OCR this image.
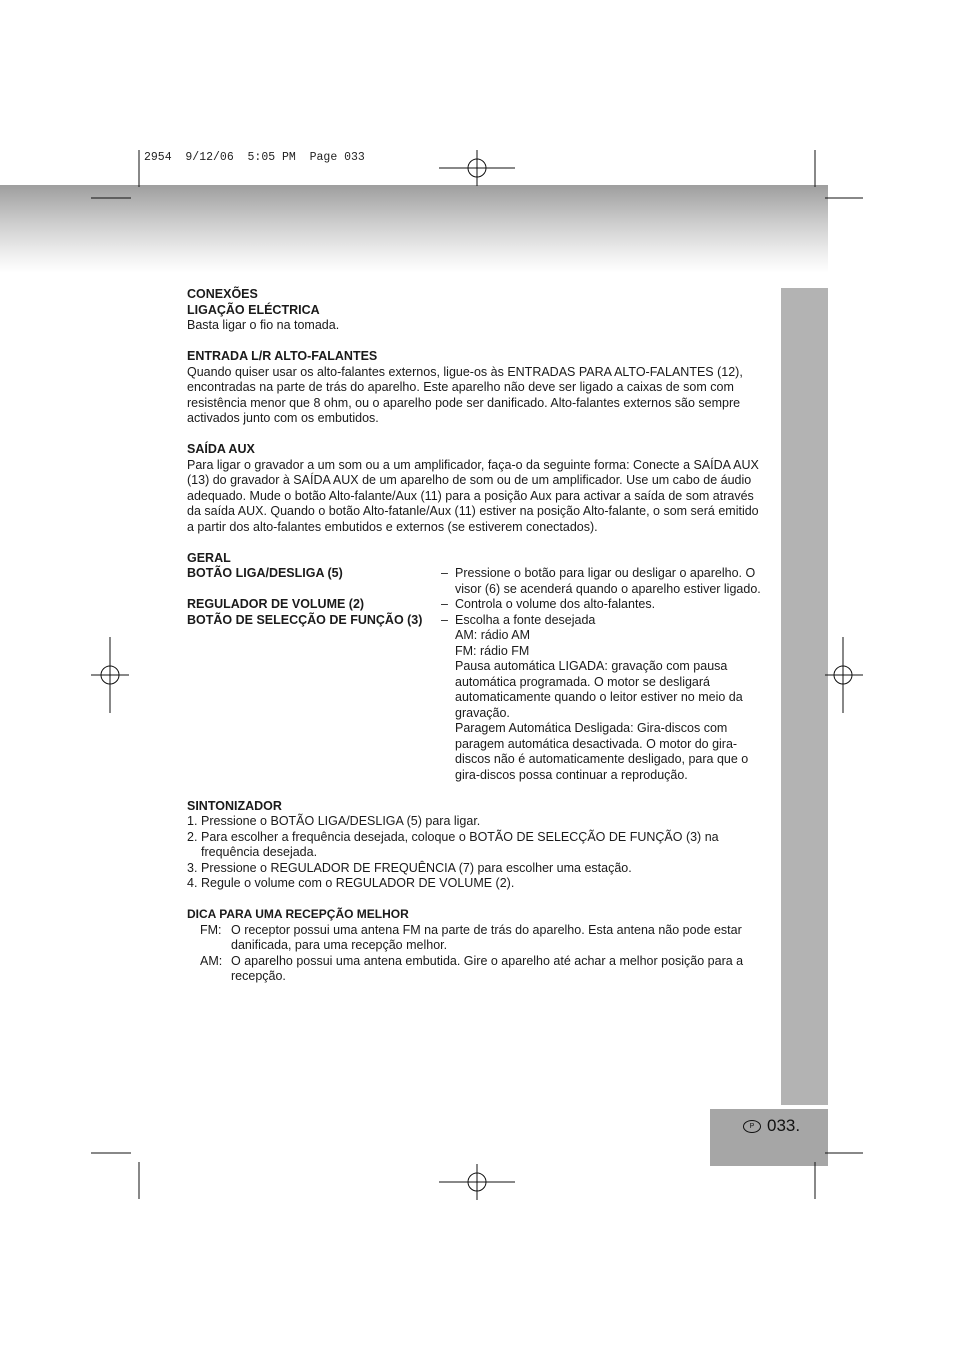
2954  9/12/06  5:05 PM  Page 033
P 033.

CONEXÕES

LIGAÇÃO ELÉCTRICA

Basta ligar o fio na tomada.

ENTRADA L/R ALTO-FALANTES

Quando quiser usar os alto-falantes externos, ligue-os às ENTRADAS PARA ALTO-FALANTES (12), encontradas na parte de trás do aparelho. Este aparelho não deve ser ligado a caixas de som com resistência menor que 8 ohm, ou o aparelho pode ser danificado. Alto-falantes externos são sempre activados junto com os embutidos.

SAÍDA AUX

Para ligar o gravador a um som ou a um amplificador, faça-o da seguinte forma: Conecte a SAÍDA AUX (13) do gravador à SAÍDA AUX de um aparelho de som ou de um amplificador. Use um cabo de áudio adequado. Mude o botão Alto-falante/Aux (11) para a posição Aux para activar a saída de som através da saída AUX. Quando o botão Alto-fatanle/Aux (11) estiver na posição Alto-falante, o som será emitido a partir dos alto-falantes embutidos e externos (se estiverem conectados).

GERAL

BOTÃO LIGA/DESLIGA (5)	– Pressione o botão para ligar ou desligar o aparelho. O visor (6) se acenderá quando o aparelho estiver ligado.
REGULADOR DE VOLUME (2)	– Controla o volume dos alto-falantes.
BOTÃO DE SELECÇÃO DE FUNÇÃO (3)	– Escolha a fonte desejada
AM: rádio AM
FM: rádio FM
Pausa automática LIGADA: gravação com pausa automática programada. O motor se desligará automaticamente quando o leitor estiver no meio da gravação.
Paragem Automática Desligada: Gira-discos com paragem automática desactivada. O motor do gira-discos não é automaticamente desligado, para que o gira-discos possa continuar a reprodução.

SINTONIZADOR

1. Pressione o BOTÃO LIGA/DESLIGA (5) para ligar.
2. Para escolher a frequência desejada, coloque o BOTÃO DE SELECÇÃO DE FUNÇÃO (3) na frequência desejada.
3. Pressione o REGULADOR DE FREQUÊNCIA (7) para escolher uma estação.
4. Regule o volume com o REGULADOR DE VOLUME (2).

DICA PARA UMA RECEPÇÃO MELHOR

FM: O receptor possui uma antena FM na parte de trás do aparelho. Esta antena não pode estar danificada, para uma recepção melhor.
AM: O aparelho possui uma antena embutida. Gire o aparelho até achar a melhor posição para a recepção.
